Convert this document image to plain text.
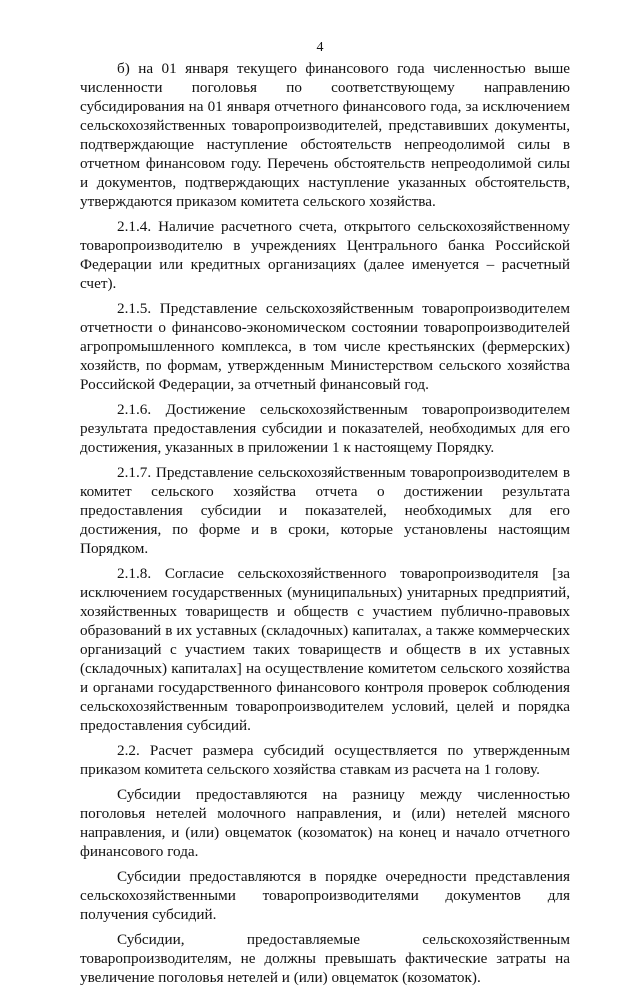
4

б) на 01 января текущего финансового года численностью выше численности поголовья по соответствующему направлению субсидирования на 01 января отчетного финансового года, за исключением сельскохозяйственных товаропроизводителей, представивших документы, подтверждающие наступление обстоятельств непреодолимой силы в отчетном финансовом году. Перечень обстоятельств непреодолимой силы и документов, подтверждающих наступление указанных обстоятельств, утверждаются приказом комитета сельского хозяйства.

2.1.4. Наличие расчетного счета, открытого сельскохозяйственному товаропроизводителю в учреждениях Центрального банка Российской Федерации или кредитных организациях (далее именуется – расчетный счет).

2.1.5. Представление сельскохозяйственным товаропроизводителем отчетности о финансово-экономическом состоянии товаропроизводителей агропромышленного комплекса, в том числе крестьянских (фермерских) хозяйств, по формам, утвержденным Министерством сельского хозяйства Российской Федерации, за отчетный финансовый год.

2.1.6. Достижение сельскохозяйственным товаропроизводителем результата предоставления субсидии и показателей, необходимых для его достижения, указанных в приложении 1 к настоящему Порядку.

2.1.7. Представление сельскохозяйственным товаропроизводителем в комитет сельского хозяйства отчета о достижении результата предоставления субсидии и показателей, необходимых для его достижения, по форме и в сроки, которые установлены настоящим Порядком.

2.1.8. Согласие сельскохозяйственного товаропроизводителя [за исключением государственных (муниципальных) унитарных предприятий, хозяйственных товариществ и обществ с участием публично-правовых образований в их уставных (складочных) капиталах, а также коммерческих организаций с участием таких товариществ и обществ в их уставных (складочных) капиталах] на осуществление комитетом сельского хозяйства и органами государственного финансового контроля проверок соблюдения сельскохозяйственным товаропроизводителем условий, целей и порядка предоставления субсидий.

2.2. Расчет размера субсидий осуществляется по утвержденным приказом комитета сельского хозяйства ставкам из расчета на 1 голову.

Субсидии предоставляются на разницу между численностью поголовья нетелей молочного направления, и (или) нетелей мясного направления, и (или) овцематок (козоматок) на конец и начало отчетного финансового года.

Субсидии предоставляются в порядке очередности представления сельскохозяйственными товаропроизводителями документов для получения субсидий.

Субсидии, предоставляемые сельскохозяйственным товаропроизводителям, не должны превышать фактические затраты на увеличение поголовья нетелей и (или) овцематок (козоматок).
